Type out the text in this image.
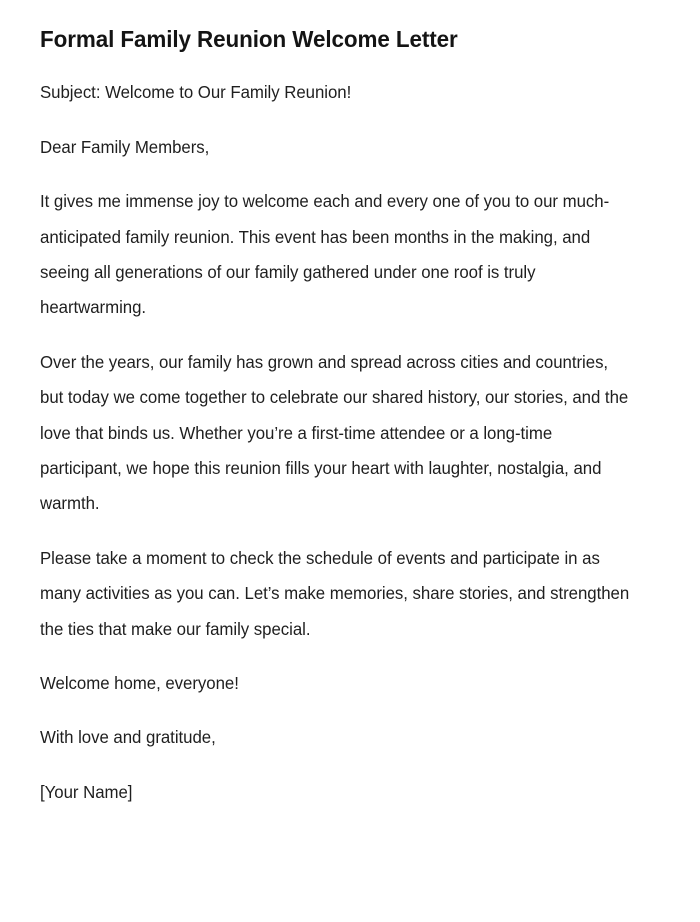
Formal Family Reunion Welcome Letter

Subject: Welcome to Our Family Reunion!

Dear Family Members,

It gives me immense joy to welcome each and every one of you to our much-anticipated family reunion. This event has been months in the making, and seeing all generations of our family gathered under one roof is truly heartwarming.

Over the years, our family has grown and spread across cities and countries, but today we come together to celebrate our shared history, our stories, and the love that binds us. Whether you’re a first-time attendee or a long-time participant, we hope this reunion fills your heart with laughter, nostalgia, and warmth.

Please take a moment to check the schedule of events and participate in as many activities as you can. Let’s make memories, share stories, and strengthen the ties that make our family special.

Welcome home, everyone!

With love and gratitude,

[Your Name]
